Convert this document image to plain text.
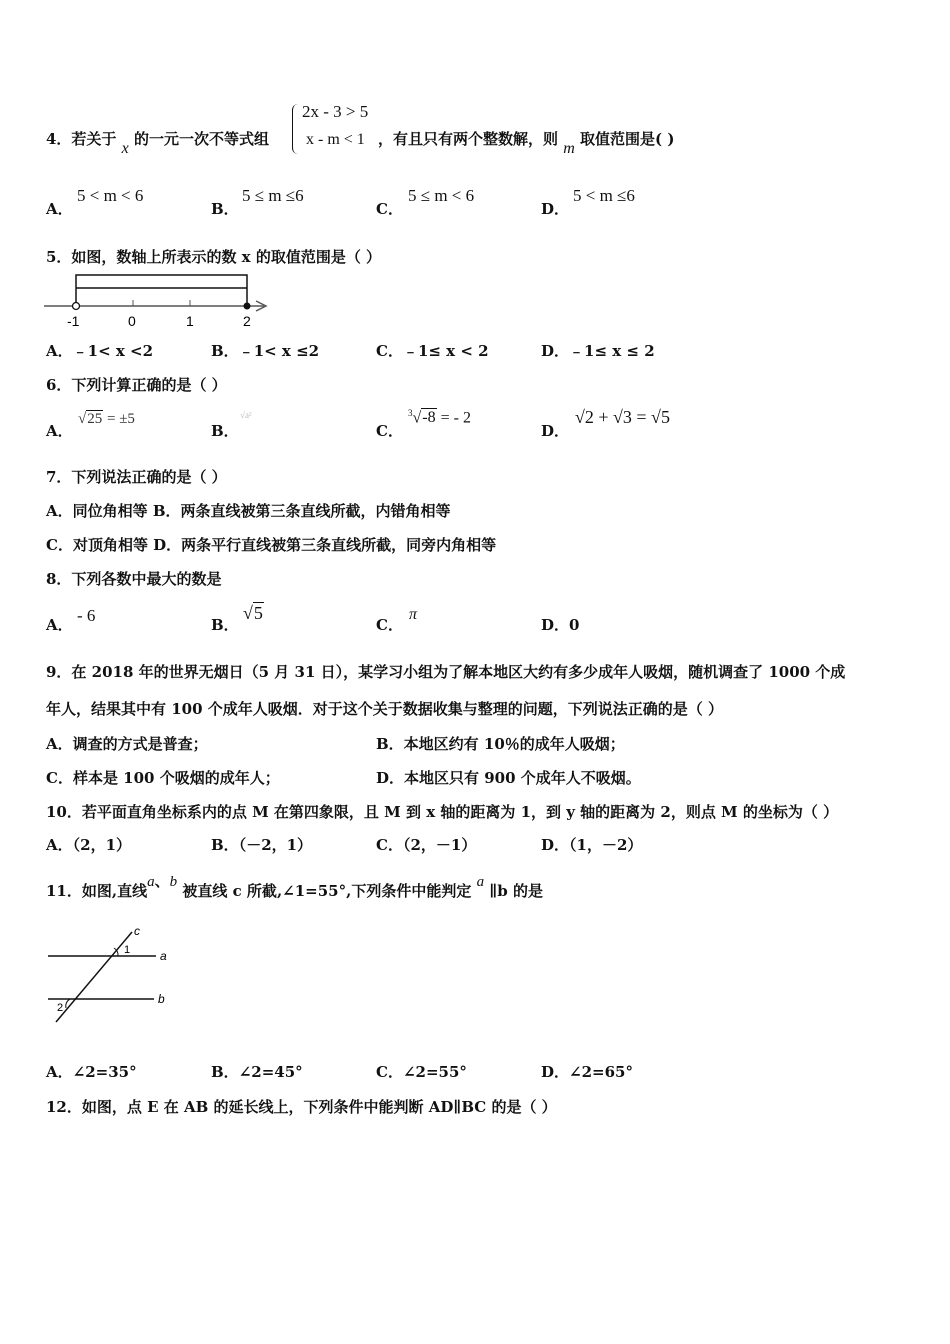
4．若关于 x 的一元一次不等式组
2x - 3 > 5
x - m < 1 ，有且只有两个整数解，则 m 取值范围是( )
A．
5 < m < 6
B．
5 ≤ m ≤6
C．
5 ≤ m < 6
D．
5 < m ≤6
5．如图，数轴上所表示的数 x 的取值范围是（ ）
-1	0	1	2
A．﹣1< x <2	B．﹣1< x ≤2	C．﹣1≤ x < 2	D．﹣1≤ x ≤ 2
6．下列计算正确的是（ ）
A．
√25 = ±5
B．
√a²
C．
$^3$√-8 = - 2
D．
√2 + √3 = √5
7．下列说法正确的是（ ）
A．同位角相等 B．两条直线被第三条直线所截，内错角相等
C．对顶角相等 D．两条平行直线被第三条直线所截，同旁内角相等
8．下列各数中最大的数是
A． - 6	B．
√5
C．
π
D．0
9．在 2018 年的世界无烟日（5 月 31 日），某学习小组为了解本地区大约有多少成年人吸烟，随机调查了 1000 个成
年人，结果其中有 100 个成年人吸烟．对于这个关于数据收集与整理的问题，下列说法正确的是（ ）
A．调查的方式是普查；	B．本地区约有 10％的成年人吸烟；
C．样本是 100 个吸烟的成年人；	D．本地区只有 900 个成年人不吸烟。
10．若平面直角坐标系内的点 M 在第四象限，且 M 到 x 轴的距离为 1，到 y 轴的距离为 2，则点 M 的坐标为（ ）
A．（2，1）	B．（－2，1）	C．（2，－1）	D．（1，－2）
11．如图,直线a、b 被直线 c 所截,∠1=55°,下列条件中能判定 a ∥b 的是
c
a
b
1
2
A．∠2=35°	B．∠2=45°	C．∠2=55°	D．∠2=65°
12．如图，点 E 在 AB 的延长线上，下列条件中能判断 AD∥BC 的是（ ）
